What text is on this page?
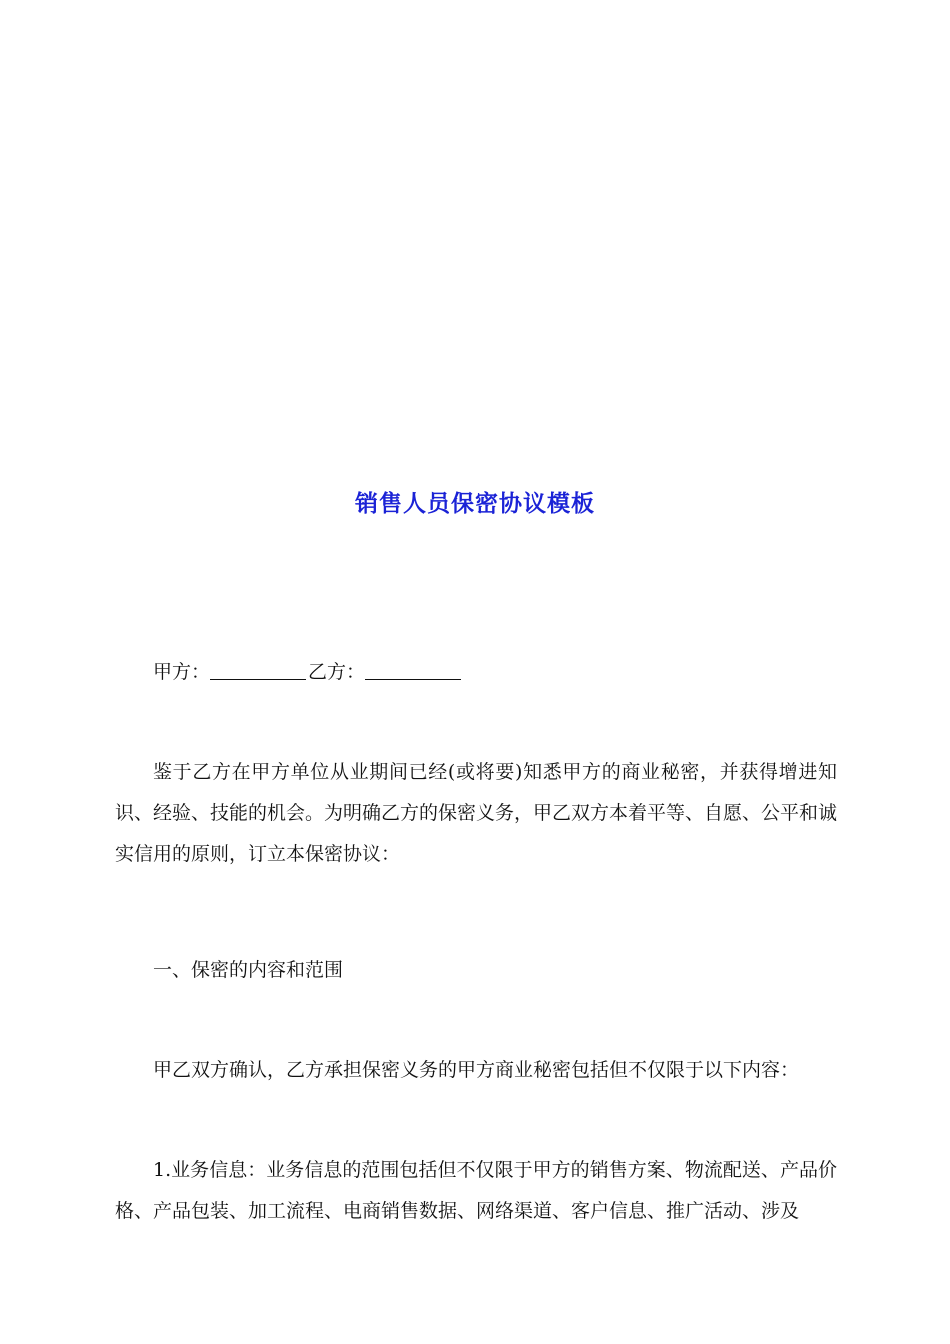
销售人员保密协议模板
甲方：	乙方：
鉴于乙方在甲方单位从业期间已经(或将要)知悉甲方的商业秘密，并获得增进知识、经验、技能的机会。为明确乙方的保密义务，甲乙双方本着平等、自愿、公平和诚实信用的原则，订立本保密协议：
一、保密的内容和范围
甲乙双方确认，乙方承担保密义务的甲方商业秘密包括但不仅限于以下内容：
1.业务信息：业务信息的范围包括但不仅限于甲方的销售方案、物流配送、产品价格、产品包装、加工流程、电商销售数据、网络渠道、客户信息、推广活动、涉及
